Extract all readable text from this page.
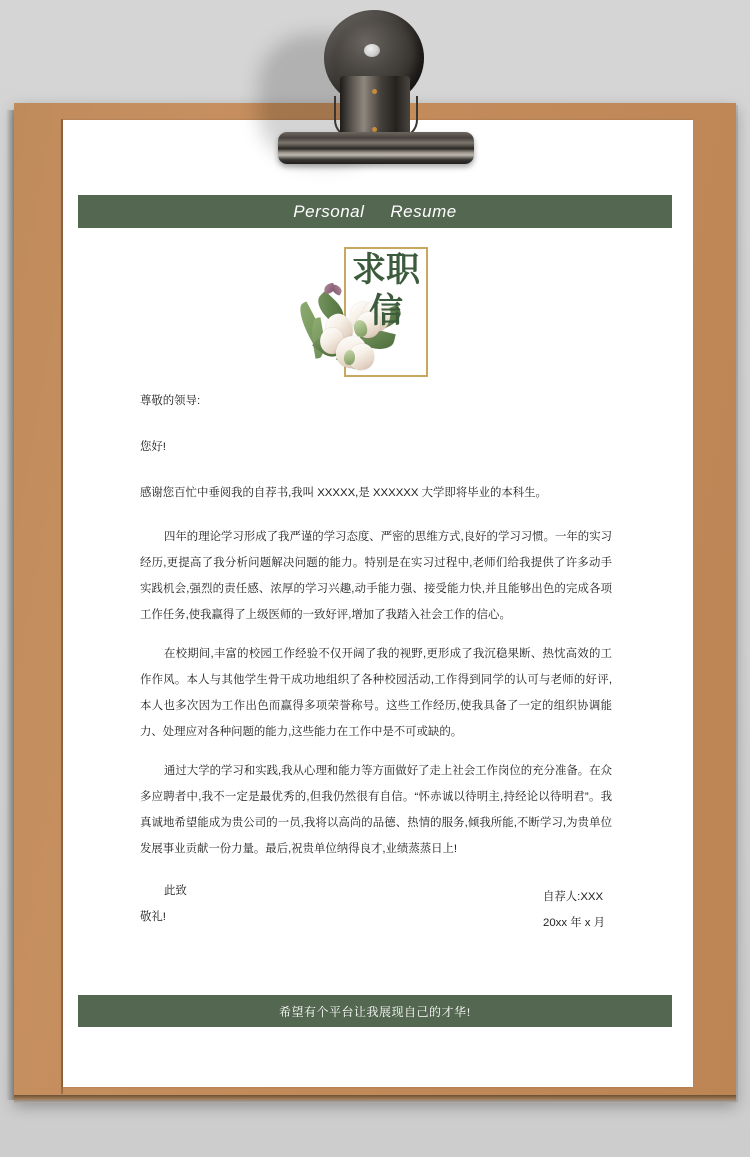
Personal Resume
求职信
尊敬的领导:
您好!
感谢您百忙中垂阅我的自荐书,我叫 XXXXX,是 XXXXXX 大学即将毕业的本科生。

四年的理论学习形成了我严谨的学习态度、严密的思维方式,良好的学习习惯。一年的实习经历,更提高了我分析问题解决问题的能力。特别是在实习过程中,老师们给我提供了许多动手实践机会,强烈的责任感、浓厚的学习兴趣,动手能力强、接受能力快,并且能够出色的完成各项工作任务,使我赢得了上级医师的一致好评,增加了我踏入社会工作的信心。

在校期间,丰富的校园工作经验不仅开阔了我的视野,更形成了我沉稳果断、热忱高效的工作作风。本人与其他学生骨干成功地组织了各种校园活动,工作得到同学的认可与老师的好评,本人也多次因为工作出色而赢得多项荣誉称号。这些工作经历,使我具备了一定的组织协调能力、处理应对各种问题的能力,这些能力在工作中是不可或缺的。

通过大学的学习和实践,我从心理和能力等方面做好了走上社会工作岗位的充分准备。在众多应聘者中,我不一定是最优秀的,但我仍然很有自信。“怀赤诚以待明主,持经论以待明君”。我真诚地希望能成为贵公司的一员,我将以高尚的品德、热情的服务,倾我所能,不断学习,为贵单位发展事业贡献一份力量。最后,祝贵单位纳得良才,业绩蒸蒸日上!

此致
敬礼!
自荐人:XXX
20xx 年 x 月
希望有个平台让我展现自己的才华!
